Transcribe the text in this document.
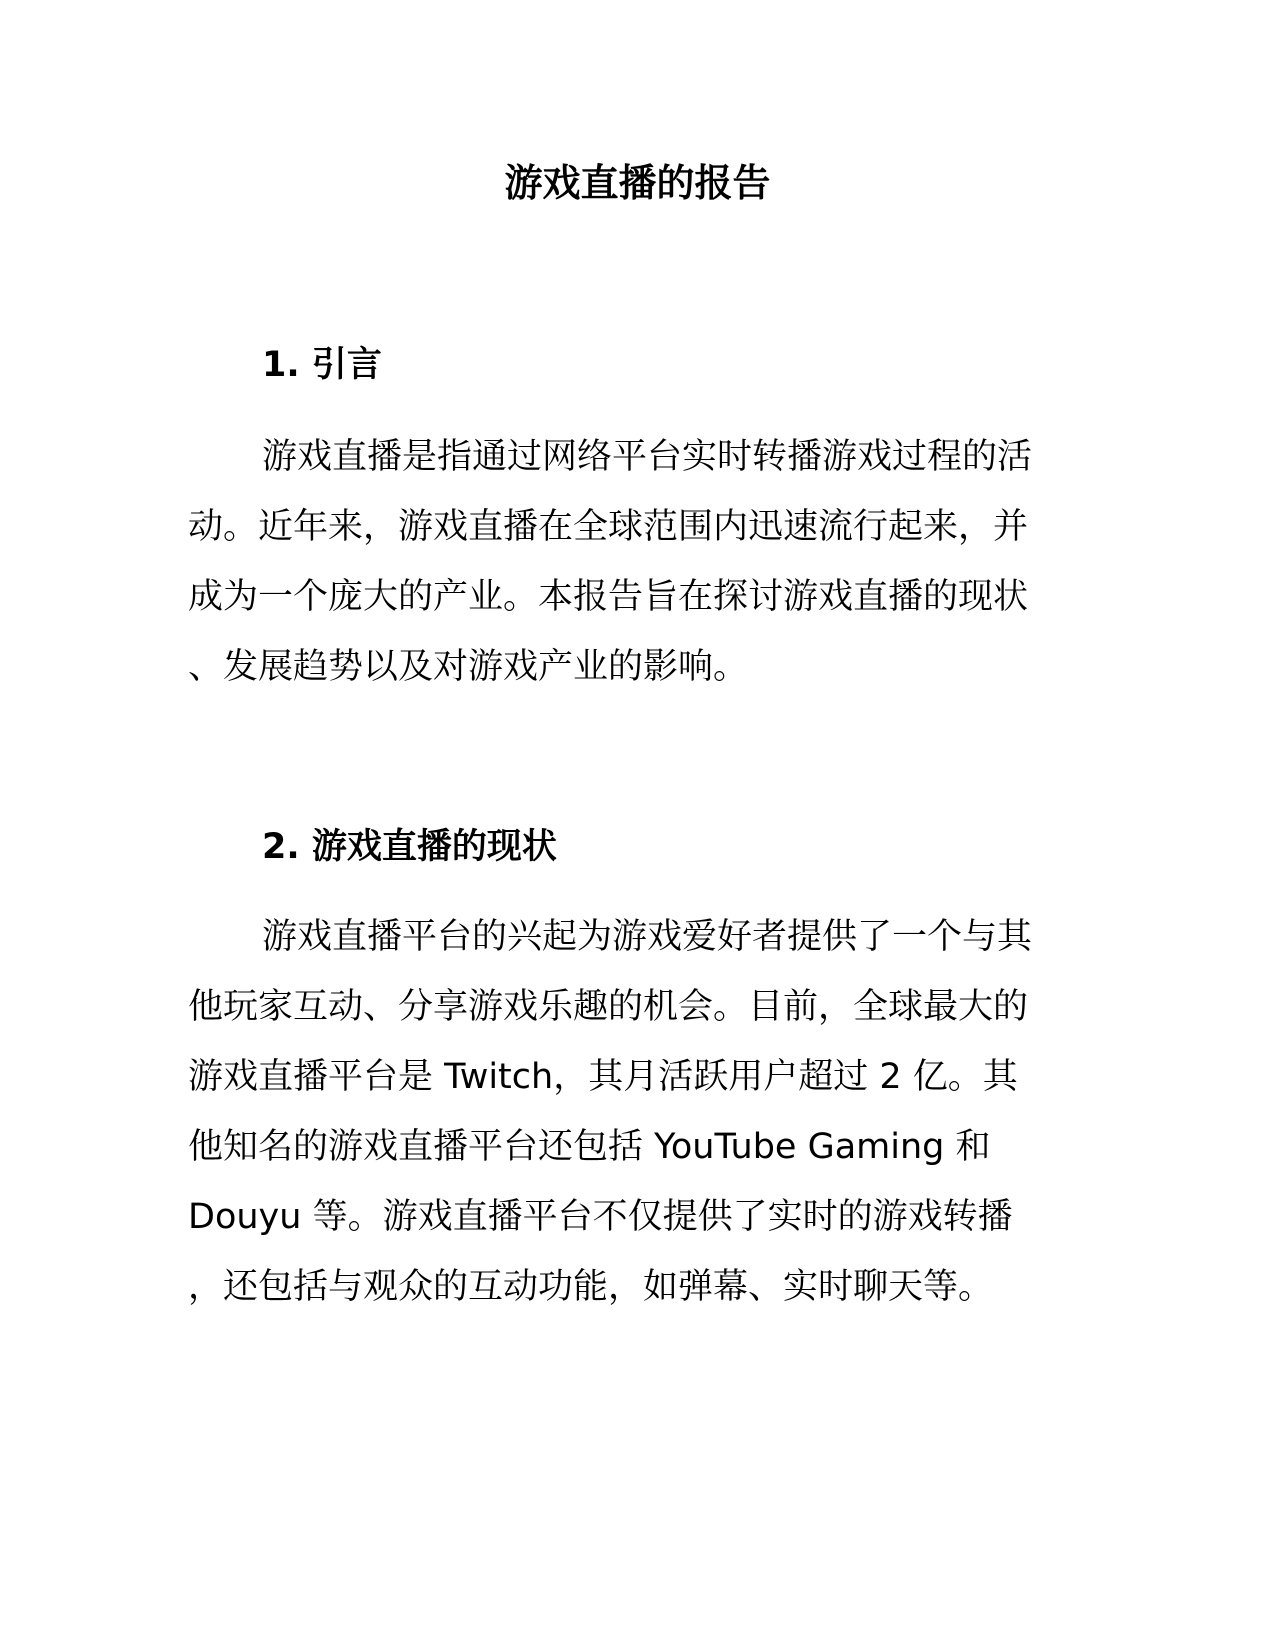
游戏直播的报告
1. 引言

游戏直播是指通过网络平台实时转播游戏过程的活

动。近年来，游戏直播在全球范围内迅速流行起来，并

成为一个庞大的产业。本报告旨在探讨游戏直播的现状

、发展趋势以及对游戏产业的影响。

2. 游戏直播的现状

游戏直播平台的兴起为游戏爱好者提供了一个与其

他玩家互动、分享游戏乐趣的机会。目前，全球最大的

游戏直播平台是 Twitch，其月活跃用户超过 2 亿。其

他知名的游戏直播平台还包括 YouTube Gaming 和

Douyu 等。游戏直播平台不仅提供了实时的游戏转播

，还包括与观众的互动功能，如弹幕、实时聊天等。
